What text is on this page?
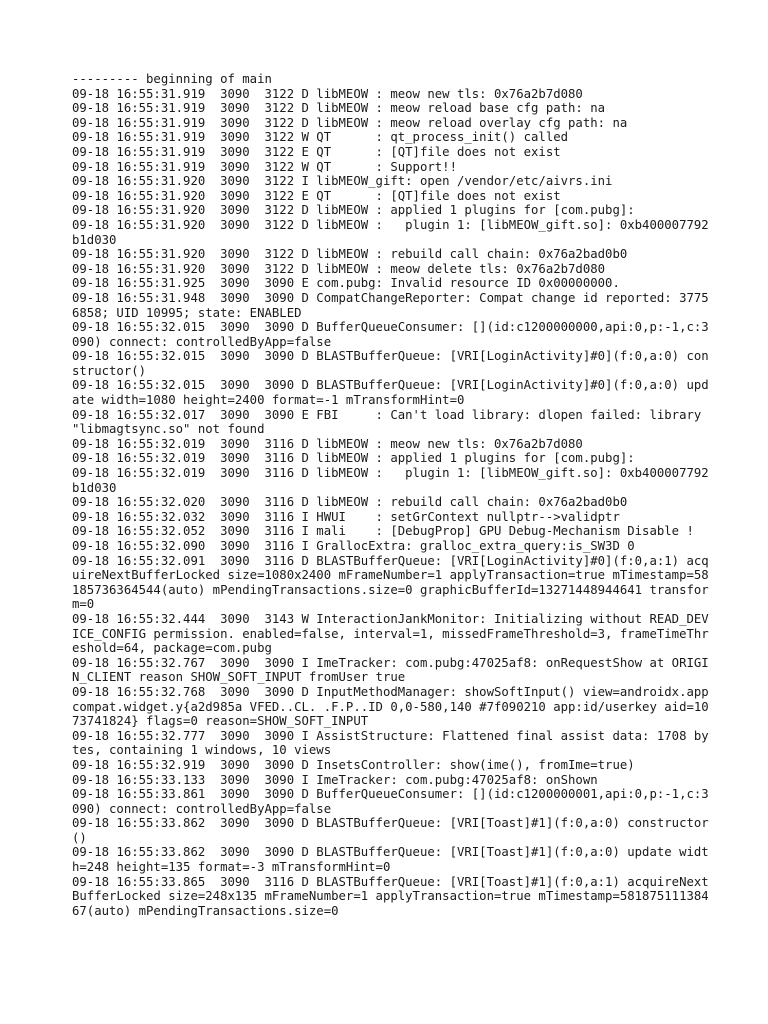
--------- beginning of main
09-18 16:55:31.919  3090  3122 D libMEOW : meow new tls: 0x76a2b7d080
09-18 16:55:31.919  3090  3122 D libMEOW : meow reload base cfg path: na
09-18 16:55:31.919  3090  3122 D libMEOW : meow reload overlay cfg path: na
09-18 16:55:31.919  3090  3122 W QT      : qt_process_init() called
09-18 16:55:31.919  3090  3122 E QT      : [QT]file does not exist
09-18 16:55:31.919  3090  3122 W QT      : Support!!
09-18 16:55:31.920  3090  3122 I libMEOW_gift: open /vendor/etc/aivrs.ini
09-18 16:55:31.920  3090  3122 E QT      : [QT]file does not exist
09-18 16:55:31.920  3090  3122 D libMEOW : applied 1 plugins for [com.pubg]:
09-18 16:55:31.920  3090  3122 D libMEOW :   plugin 1: [libMEOW_gift.so]: 0xb400007792b1d030
09-18 16:55:31.920  3090  3122 D libMEOW : rebuild call chain: 0x76a2bad0b0
09-18 16:55:31.920  3090  3122 D libMEOW : meow delete tls: 0x76a2b7d080
09-18 16:55:31.925  3090  3090 E com.pubg: Invalid resource ID 0x00000000.
09-18 16:55:31.948  3090  3090 D CompatChangeReporter: Compat change id reported: 37756858; UID 10995; state: ENABLED
09-18 16:55:32.015  3090  3090 D BufferQueueConsumer: [](id:c1200000000,api:0,p:-1,c:3090) connect: controlledByApp=false
09-18 16:55:32.015  3090  3090 D BLASTBufferQueue: [VRI[LoginActivity]#0](f:0,a:0) constructor()
09-18 16:55:32.015  3090  3090 D BLASTBufferQueue: [VRI[LoginActivity]#0](f:0,a:0) update width=1080 height=2400 format=-1 mTransformHint=0
09-18 16:55:32.017  3090  3090 E FBI     : Can't load library: dlopen failed: library "libmagtsync.so" not found
09-18 16:55:32.019  3090  3116 D libMEOW : meow new tls: 0x76a2b7d080
09-18 16:55:32.019  3090  3116 D libMEOW : applied 1 plugins for [com.pubg]:
09-18 16:55:32.019  3090  3116 D libMEOW :   plugin 1: [libMEOW_gift.so]: 0xb400007792b1d030
09-18 16:55:32.020  3090  3116 D libMEOW : rebuild call chain: 0x76a2bad0b0
09-18 16:55:32.032  3090  3116 I HWUI    : setGrContext nullptr-->validptr
09-18 16:55:32.052  3090  3116 I mali    : [DebugProp] GPU Debug-Mechanism Disable !
09-18 16:55:32.090  3090  3116 I GrallocExtra: gralloc_extra_query:is_SW3D 0
09-18 16:55:32.091  3090  3116 D BLASTBufferQueue: [VRI[LoginActivity]#0](f:0,a:1) acquireNextBufferLocked size=1080x2400 mFrameNumber=1 applyTransaction=true mTimestamp=58185736364544(auto) mPendingTransactions.size=0 graphicBufferId=13271448944641 transform=0
09-18 16:55:32.444  3090  3143 W InteractionJankMonitor: Initializing without READ_DEVICE_CONFIG permission. enabled=false, interval=1, missedFrameThreshold=3, frameTimeThreshold=64, package=com.pubg
09-18 16:55:32.767  3090  3090 I ImeTracker: com.pubg:47025af8: onRequestShow at ORIGIN_CLIENT reason SHOW_SOFT_INPUT fromUser true
09-18 16:55:32.768  3090  3090 D InputMethodManager: showSoftInput() view=androidx.appcompat.widget.y{a2d985a VFED..CL. .F.P..ID 0,0-580,140 #7f090210 app:id/userkey aid=1073741824} flags=0 reason=SHOW_SOFT_INPUT
09-18 16:55:32.777  3090  3090 I AssistStructure: Flattened final assist data: 1708 bytes, containing 1 windows, 10 views
09-18 16:55:32.919  3090  3090 D InsetsController: show(ime(), fromIme=true)
09-18 16:55:33.133  3090  3090 I ImeTracker: com.pubg:47025af8: onShown
09-18 16:55:33.861  3090  3090 D BufferQueueConsumer: [](id:c1200000001,api:0,p:-1,c:3090) connect: controlledByApp=false
09-18 16:55:33.862  3090  3090 D BLASTBufferQueue: [VRI[Toast]#1](f:0,a:0) constructor()
09-18 16:55:33.862  3090  3090 D BLASTBufferQueue: [VRI[Toast]#1](f:0,a:0) update width=248 height=135 format=-3 mTransformHint=0
09-18 16:55:33.865  3090  3116 D BLASTBufferQueue: [VRI[Toast]#1](f:0,a:1) acquireNextBufferLocked size=248x135 mFrameNumber=1 applyTransaction=true mTimestamp=58187511138467(auto) mPendingTransactions.size=0
